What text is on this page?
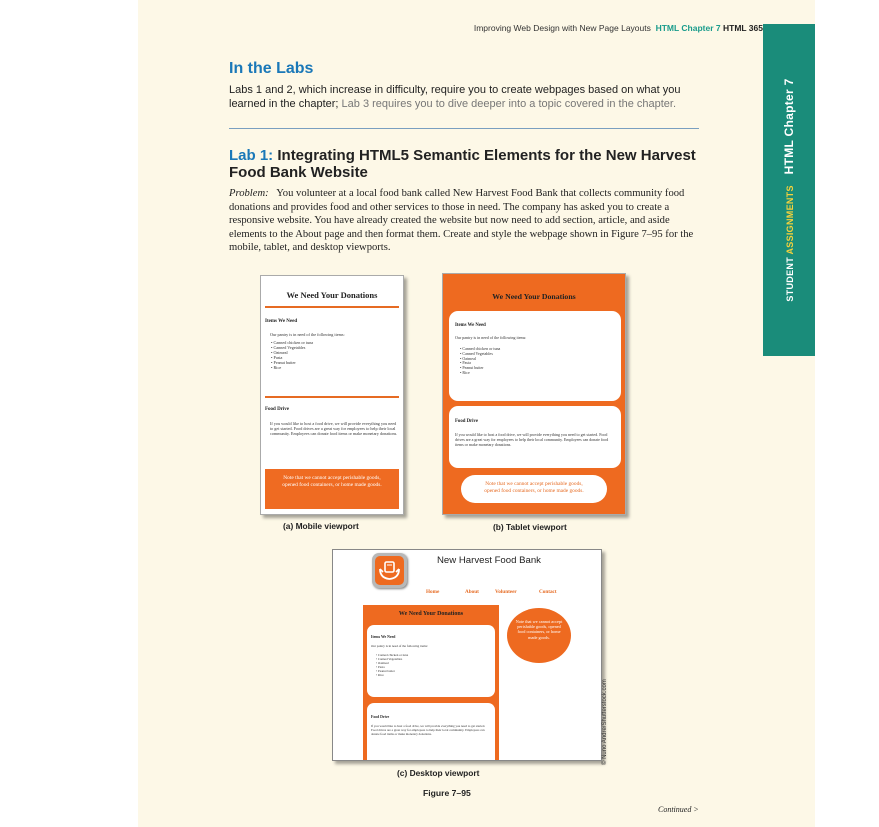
Improving Web Design with New Page Layouts HTML Chapter 7 HTML 365
STUDENT ASSIGNMENTS HTML Chapter 7
In the Labs
Labs 1 and 2, which increase in difficulty, require you to create webpages based on what you learned in the chapter; Lab 3 requires you to dive deeper into a topic covered in the chapter.
Lab 1: Integrating HTML5 Semantic Elements for the New Harvest Food Bank Website
Problem: You volunteer at a local food bank called New Harvest Food Bank that collects community food donations and provides food and other services to those in need. The company has asked you to create a responsive website. You have already created the website but now need to add section, article, and aside elements to the About page and then format them. Create and style the webpage shown in Figure 7–95 for the mobile, tablet, and desktop viewports.
We Need Your Donations
Items We Need
Our pantry is in need of the following items:
• Canned chicken or tuna
• Canned Vegetables
• Oatmeal
• Pasta
• Peanut butter
• Rice
Food Drive
If you would like to host a food drive, we will provide everything you need to get started. Food drives are a great way for employees to help their local community. Employees can donate food items or make monetary donations.
Note that we cannot accept perishable goods, opened food containers, or home made goods.
We Need Your Donations
Items We Need
Our pantry is in need of the following items:
• Canned chicken or tuna
• Canned Vegetables
• Oatmeal
• Pasta
• Peanut butter
• Rice
Food Drive
If you would like to host a food drive, we will provide everything you need to get started. Food drives are a great way for employees to help their local community. Employees can donate food items or make monetary donations.
Note that we cannot accept perishable goods, opened food containers, or home made goods.
(a) Mobile viewport	(b) Tablet viewport
New Harvest Food Bank
Home	About	Volunteer	Contact
We Need Your Donations
Items We Need
Our pantry is in need of the following items:
• Canned chicken or tuna
• Canned Vegetables
• Oatmeal
• Pasta
• Peanut butter
• Rice
Food Drive
If you would like to host a food drive, we will provide everything you need to get started. Food drives are a great way for employees to help their local community. Employees can donate food items or make monetary donations.
Note that we cannot accept perishable goods, opened food containers, or home made goods.
© Nuno Andre/Shutterstock.com
(c) Desktop viewport
Figure 7–95
Continued >
